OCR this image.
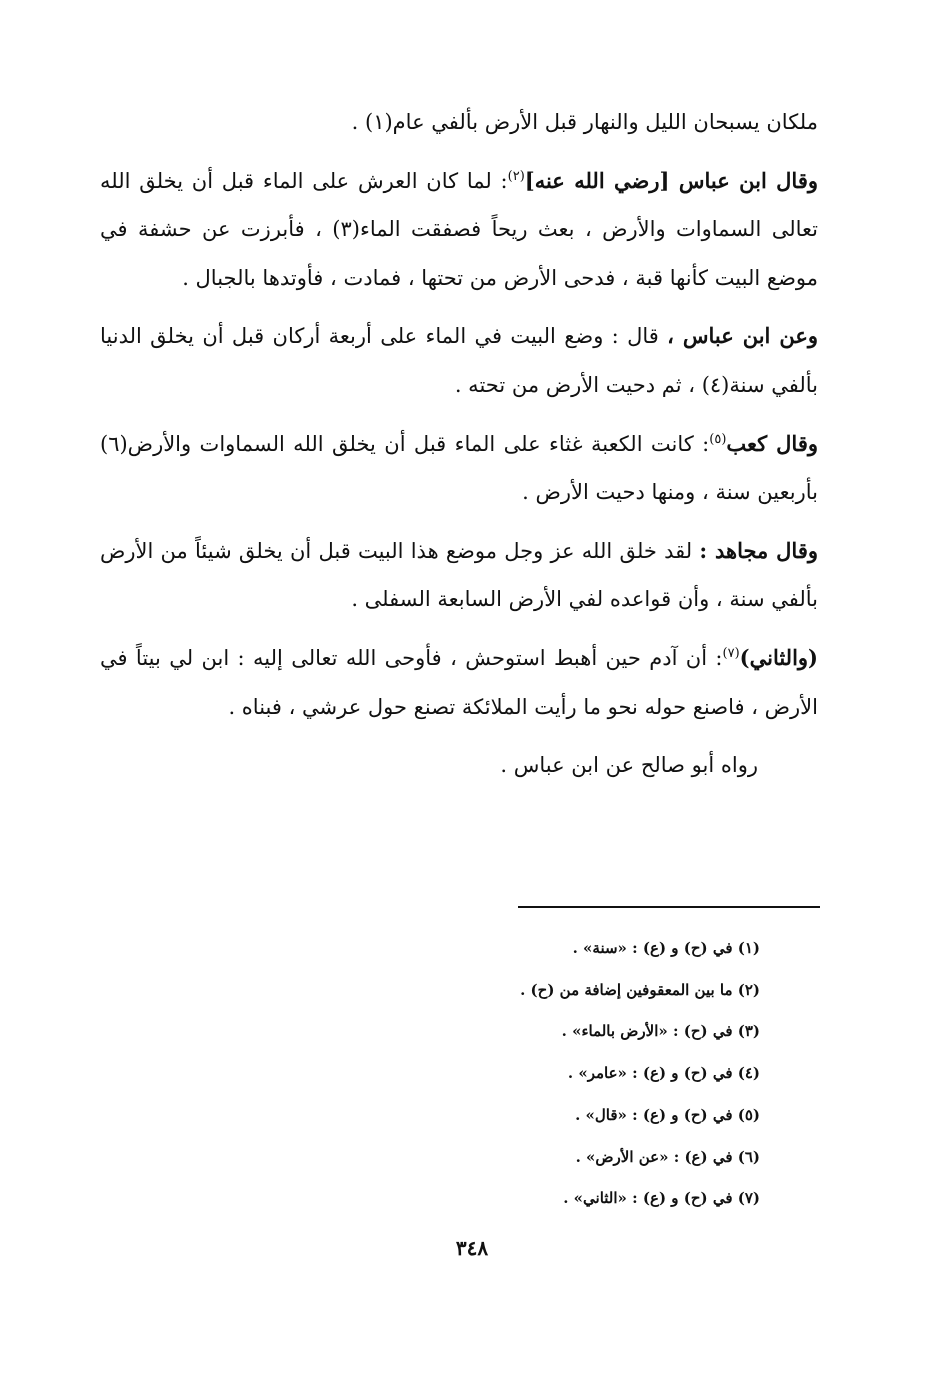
ملكان يسبحان الليل والنهار قبل الأرض بألفي عام(١) .

وقال ابن عباس [رضي الله عنه]$^{(٢)}$: لما كان العرش على الماء قبل أن يخلق الله تعالى السماوات والأرض ، بعث ريحاً فصفقت الماء(٣) ، فأبرزت عن حشفة في موضع البيت كأنها قبة ، فدحى الأرض من تحتها ، فمادت ، فأوتدها بالجبال .

وعن ابن عباس ، قال : وضع البيت في الماء على أربعة أركان قبل أن يخلق الدنيا بألفي سنة(٤) ، ثم دحيت الأرض من تحته .

وقال كعب$^{(٥)}$: كانت الكعبة غثاء على الماء قبل أن يخلق الله السماوات والأرض(٦) بأربعين سنة ، ومنها دحيت الأرض .

وقال مجاهد : لقد خلق الله عز وجل موضع هذا البيت قبل أن يخلق شيئاً من الأرض بألفي سنة ، وأن قواعده لفي الأرض السابعة السفلى .

(والثاني)$^{(٧)}$: أن آدم حين أهبط استوحش ، فأوحى الله تعالى إليه : ابن لي بيتاً في الأرض ، فاصنع حوله نحو ما رأيت الملائكة تصنع حول عرشي ، فبناه .

رواه أبو صالح عن ابن عباس .

(١) في (ح) و (ع) : «سنة» .

(٢) ما بين المعقوفين إضافة من (ح) .

(٣) في (ح) : «الأرض بالماء» .

(٤) في (ح) و (ع) : «عامر» .

(٥) في (ح) و (ع) : «قال» .

(٦) في (ع) : «عن الأرض» .

(٧) في (ح) و (ع) : «الثاني» .

٣٤٨
